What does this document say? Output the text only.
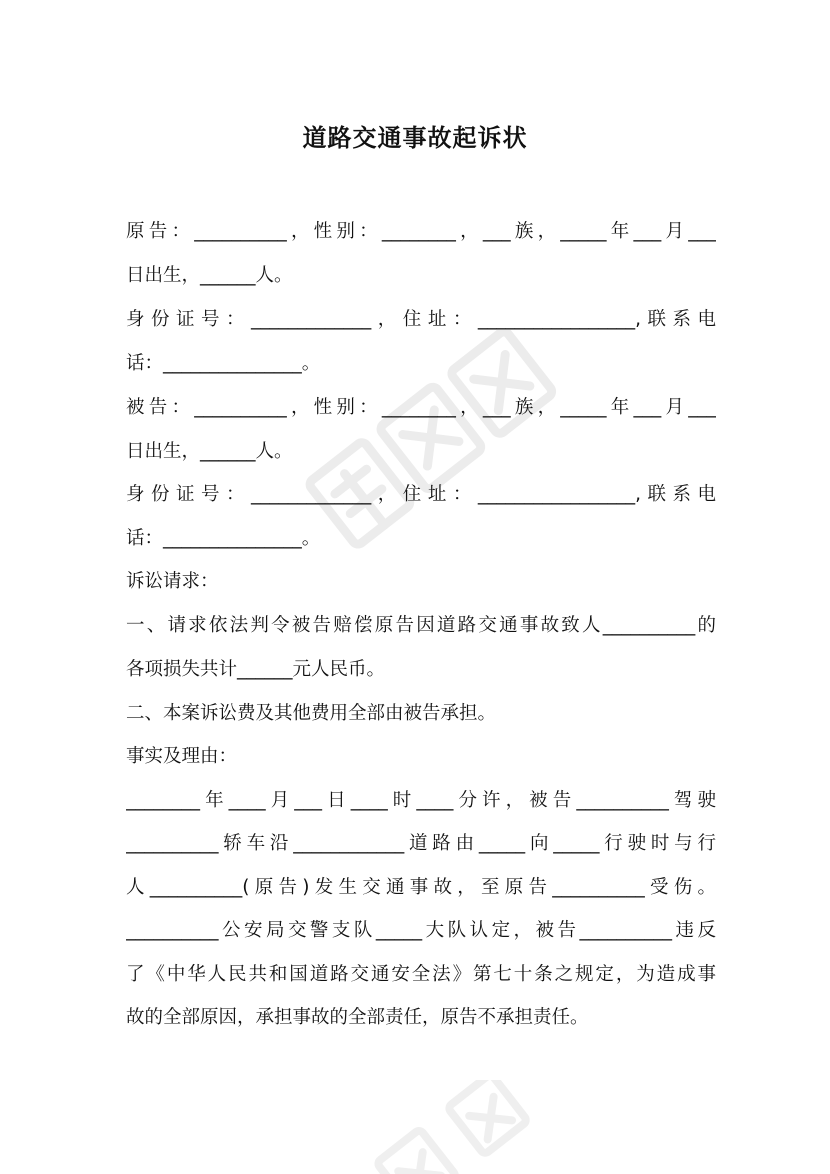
道路交通事故起诉状
原告：__________，性别：________，___族，_____年___月___
日出生，______人。
身份证号：_____________，住址：_________________,联系电
话：_______________。
被告：__________，性别：________，___族，_____年___月___
日出生，______人。
身份证号：_____________，住址：_________________,联系电
话：_______________。
诉讼请求：
一、请求依法判令被告赔偿原告因道路交通事故致人__________的
各项损失共计______元人民币。
二、本案诉讼费及其他费用全部由被告承担。
事实及理由：
________年____月___日____时____分许，被告__________驾驶
__________轿车沿____________道路由_____向_____行驶时与行
人__________(原告)发生交通事故，至原告__________受伤。
__________公安局交警支队_____大队认定，被告__________违反
了《中华人民共和国道路交通安全法》第七十条之规定，为造成事
故的全部原因，承担事故的全部责任，原告不承担责任。
